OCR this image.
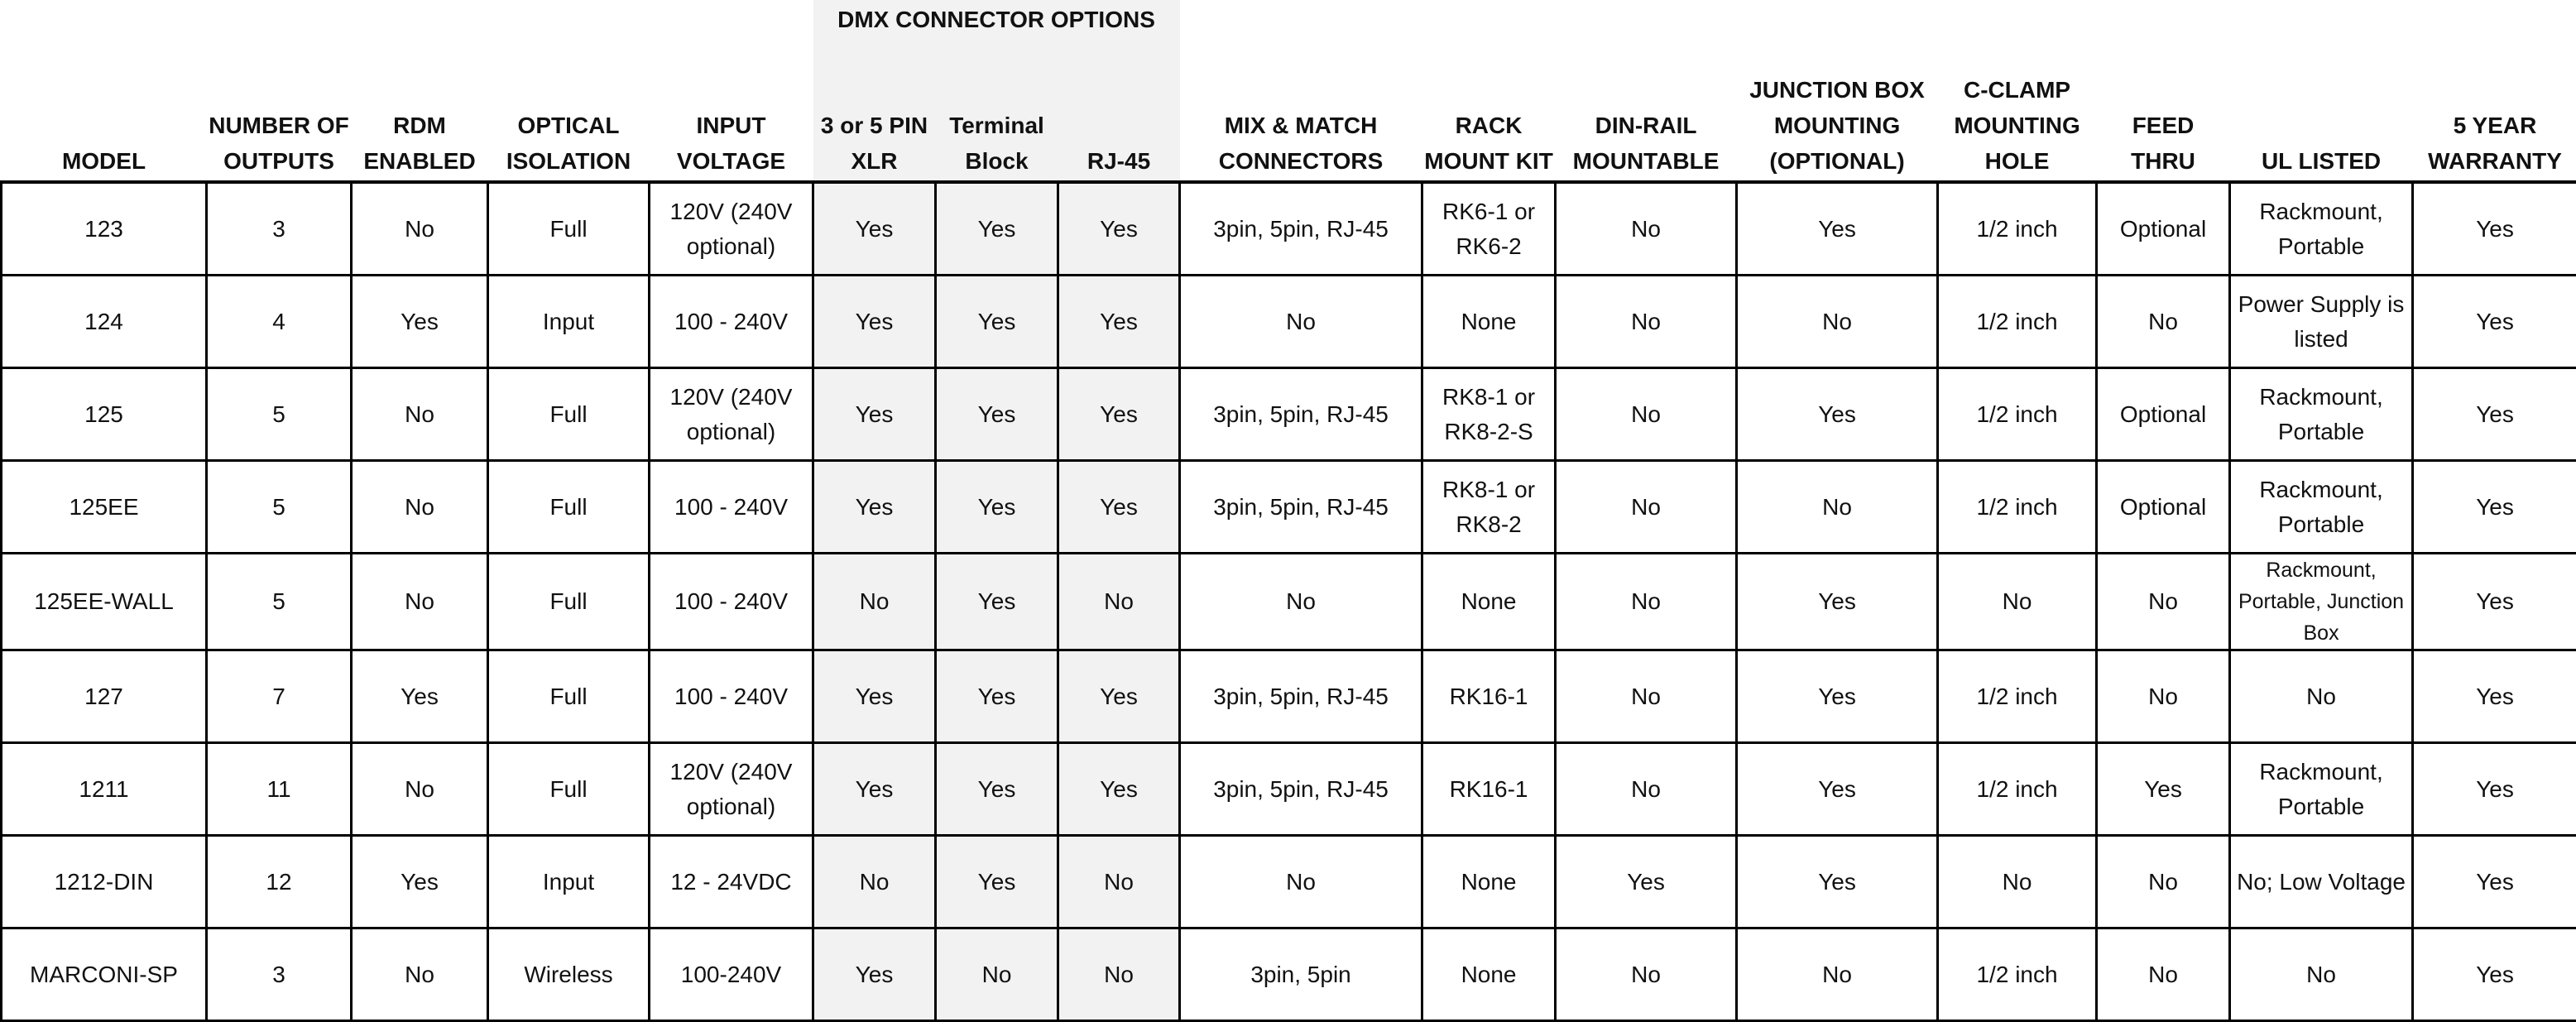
MODEL	NUMBER OF OUTPUTS	RDM ENABLED	OPTICAL ISOLATION	INPUT VOLTAGE	DMX CONNECTOR OPTIONS			MIX & MATCH CONNECTORS	RACK MOUNT KIT	DIN-RAIL MOUNTABLE	JUNCTION BOX MOUNTING (OPTIONAL)	C-CLAMP MOUNTING HOLE	FEED THRU	UL LISTED	5 YEAR WARRANTY
					3 or 5 PIN XLR	Terminal Block	RJ-45								
123	3	No	Full	120V (240V optional)	Yes	Yes	Yes	3pin, 5pin, RJ-45	RK6-1 or RK6-2	No	Yes	1/2 inch	Optional	Rackmount, Portable	Yes
124	4	Yes	Input	100 - 240V	Yes	Yes	Yes	No	None	No	No	1/2 inch	No	Power Supply is listed	Yes
125	5	No	Full	120V (240V optional)	Yes	Yes	Yes	3pin, 5pin, RJ-45	RK8-1 or RK8-2-S	No	Yes	1/2 inch	Optional	Rackmount, Portable	Yes
125EE	5	No	Full	100 - 240V	Yes	Yes	Yes	3pin, 5pin, RJ-45	RK8-1 or RK8-2	No	No	1/2 inch	Optional	Rackmount, Portable	Yes
125EE-WALL	5	No	Full	100 - 240V	No	Yes	No	No	None	No	Yes	No	No	Rackmount, Portable, Junction Box	Yes
127	7	Yes	Full	100 - 240V	Yes	Yes	Yes	3pin, 5pin, RJ-45	RK16-1	No	Yes	1/2 inch	No	No	Yes
1211	11	No	Full	120V (240V optional)	Yes	Yes	Yes	3pin, 5pin, RJ-45	RK16-1	No	Yes	1/2 inch	Yes	Rackmount, Portable	Yes
1212-DIN	12	Yes	Input	12 - 24VDC	No	Yes	No	No	None	Yes	Yes	No	No	No; Low Voltage	Yes
MARCONI-SP	3	No	Wireless	100-240V	Yes	No	No	3pin, 5pin	None	No	No	1/2 inch	No	No	Yes
